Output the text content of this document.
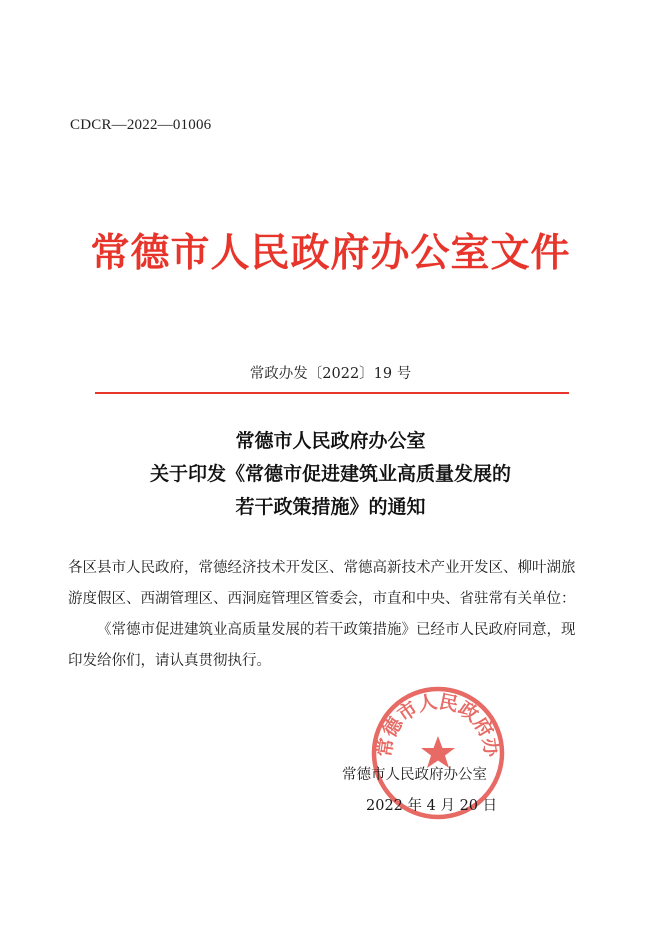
CDCR—2022—01006
常德市人民政府办公室文件
常政办发〔2022〕19 号
常德市人民政府办公室
关于印发《常德市促进建筑业高质量发展的
若干政策措施》的通知

各区县市人民政府，常德经济技术开发区、常德高新技术产业开发区、柳叶湖旅游度假区、西湖管理区、西洞庭管理区管委会，市直和中央、省驻常有关单位：

《常德市促进建筑业高质量发展的若干政策措施》已经市人民政府同意，现印发给你们，请认真贯彻执行。

常德市人民政府办
常德市人民政府办公室
2022 年 4 月 20 日
